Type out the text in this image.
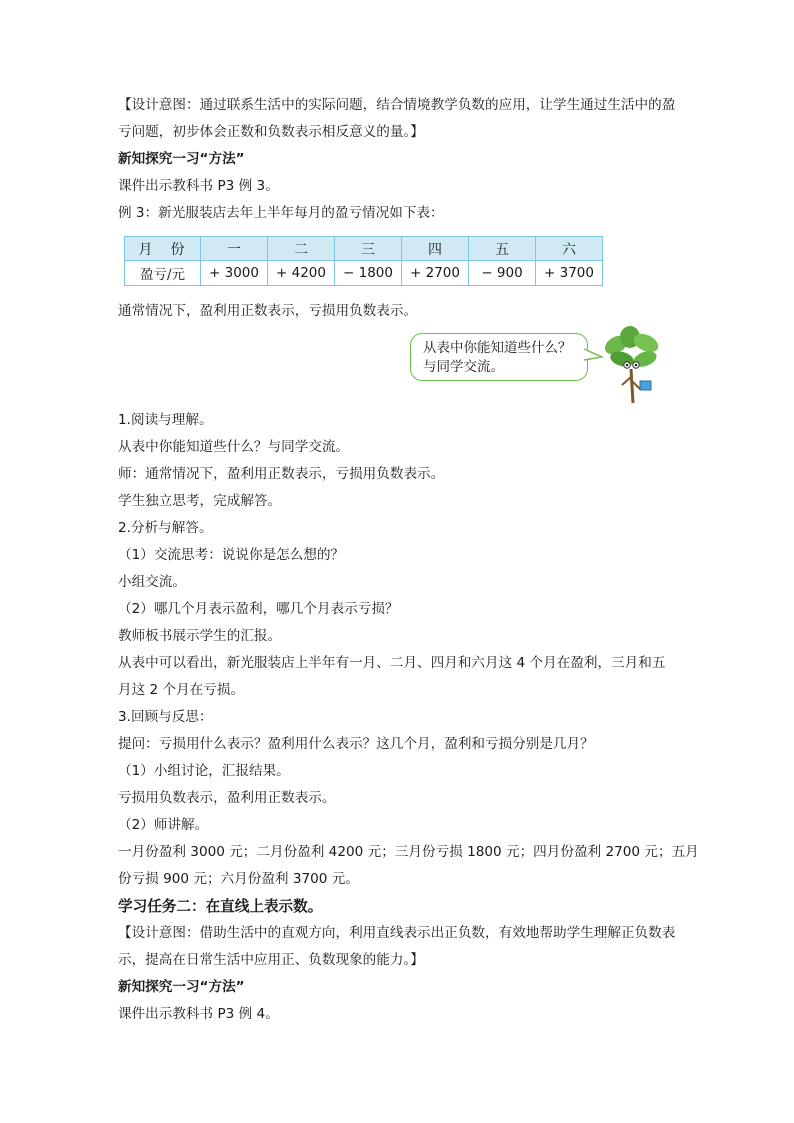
【设计意图：通过联系生活中的实际问题，结合情境教学负数的应用，让学生通过生活中的盈亏问题，初步体会正数和负数表示相反意义的量。】

新知探究一习“方法”

课件出示教科书 P3 例 3。

例 3：新光服装店去年上半年每月的盈亏情况如下表：

月　份	一	二	三	四	五	六
盈亏/元	+ 3000	+ 4200	− 1800	+ 2700	− 900	+ 3700

通常情况下，盈利用正数表示，亏损用负数表示。

从表中你能知道些什么？
与同学交流。

1.阅读与理解。

从表中你能知道些什么？与同学交流。

师：通常情况下，盈利用正数表示，亏损用负数表示。

学生独立思考，完成解答。

2.分析与解答。

（1）交流思考：说说你是怎么想的？

小组交流。

（2）哪几个月表示盈利，哪几个月表示亏损？

教师板书展示学生的汇报。

从表中可以看出，新光服装店上半年有一月、二月、四月和六月这 4 个月在盈利，三月和五

月这 2 个月在亏损。

3.回顾与反思：

提问：亏损用什么表示？盈利用什么表示？这几个月，盈利和亏损分别是几月？

（1）小组讨论，汇报结果。

亏损用负数表示，盈利用正数表示。

（2）师讲解。

一月份盈利 3000 元；二月份盈利 4200 元；三月份亏损 1800 元；四月份盈利 2700 元；五月

份亏损 900 元；六月份盈利 3700 元。

学习任务二：在直线上表示数。

【设计意图：借助生活中的直观方向，利用直线表示出正负数，有效地帮助学生理解正负数表示，提高在日常生活中应用正、负数现象的能力。】

新知探究一习“方法”

课件出示教科书 P3 例 4。
